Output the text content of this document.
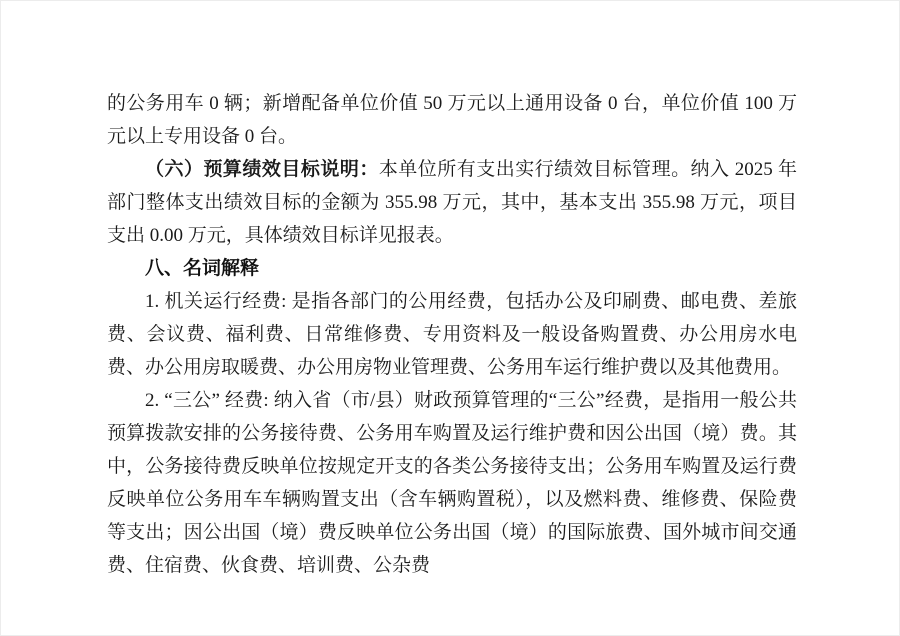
的公务用车 0 辆；新增配备单位价值 50 万元以上通用设备 0 台，单位价值 100 万元以上专用设备 0 台。

（六）预算绩效目标说明：本单位所有支出实行绩效目标管理。纳入 2025 年部门整体支出绩效目标的金额为 355.98 万元，其中，基本支出 355.98 万元，项目支出 0.00 万元，具体绩效目标详见报表。

八、名词解释

1. 机关运行经费: 是指各部门的公用经费，包括办公及印刷费、邮电费、差旅费、会议费、福利费、日常维修费、专用资料及一般设备购置费、办公用房水电费、办公用房取暖费、办公用房物业管理费、公务用车运行维护费以及其他费用。

2. “三公” 经费: 纳入省（市/县）财政预算管理的“三公”经费，是指用一般公共预算拨款安排的公务接待费、公务用车购置及运行维护费和因公出国（境）费。其中，公务接待费反映单位按规定开支的各类公务接待支出；公务用车购置及运行费反映单位公务用车车辆购置支出（含车辆购置税），以及燃料费、维修费、保险费等支出；因公出国（境）费反映单位公务出国（境）的国际旅费、国外城市间交通费、住宿费、伙食费、培训费、公杂费
